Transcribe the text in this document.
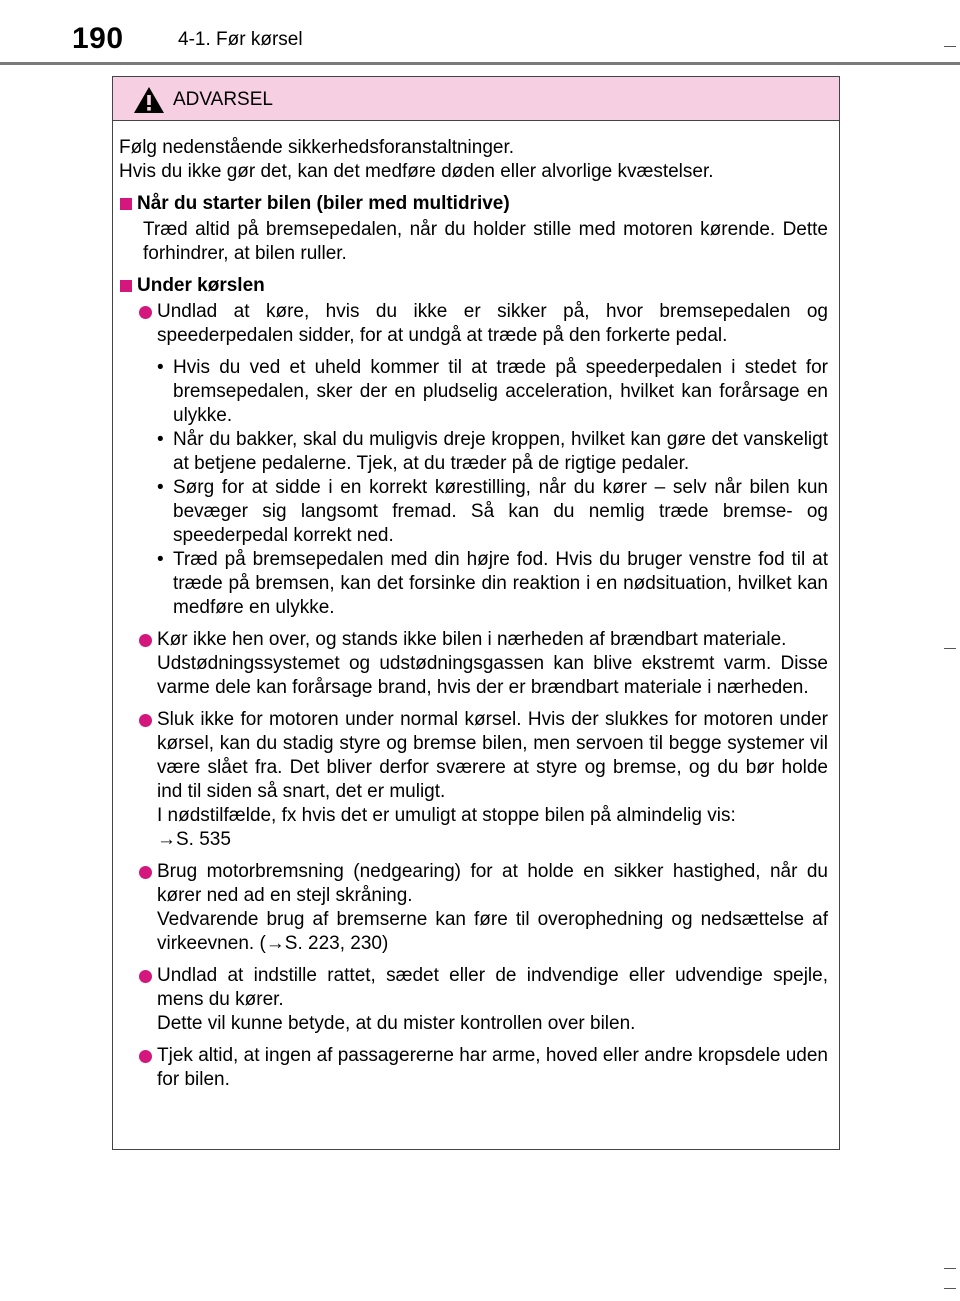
190	4-1. Før kørsel
ADVARSEL

Følg nedenstående sikkerhedsforanstaltninger.
Hvis du ikke gør det, kan det medføre døden eller alvorlige kvæstelser.

Når du starter bilen (biler med multidrive)

Træd altid på bremsepedalen, når du holder stille med motoren kørende. Dette forhindrer, at bilen ruller.

Under kørslen

Undlad at køre, hvis du ikke er sikker på, hvor bremsepedalen og speederpedalen sidder, for at undgå at træde på den forkerte pedal.

• Hvis du ved et uheld kommer til at træde på speederpedalen i stedet for bremsepedalen, sker der en pludselig acceleration, hvilket kan forårsage en ulykke.
• Når du bakker, skal du muligvis dreje kroppen, hvilket kan gøre det vanskeligt at betjene pedalerne. Tjek, at du træder på de rigtige pedaler.
• Sørg for at sidde i en korrekt kørestilling, når du kører – selv når bilen kun bevæger sig langsomt fremad. Så kan du nemlig træde bremse- og speederpedal korrekt ned.
• Træd på bremsepedalen med din højre fod. Hvis du bruger venstre fod til at træde på bremsen, kan det forsinke din reaktion i en nødsituation, hvilket kan medføre en ulykke.

Kør ikke hen over, og stands ikke bilen i nærheden af brændbart materiale.

Udstødningssystemet og udstødningsgassen kan blive ekstremt varm. Disse varme dele kan forårsage brand, hvis der er brændbart materiale i nærheden.

Sluk ikke for motoren under normal kørsel. Hvis der slukkes for motoren under kørsel, kan du stadig styre og bremse bilen, men servoen til begge systemer vil være slået fra. Det bliver derfor sværere at styre og bremse, og du bør holde ind til siden så snart, det er muligt.

I nødstilfælde, fx hvis det er umuligt at stoppe bilen på almindelig vis:

→S. 535

Brug motorbremsning (nedgearing) for at holde en sikker hastighed, når du kører ned ad en stejl skråning.

Vedvarende brug af bremserne kan føre til overophedning og nedsættelse af virkeevnen. (→S. 223, 230)

Undlad at indstille rattet, sædet eller de indvendige eller udvendige spejle, mens du kører.

Dette vil kunne betyde, at du mister kontrollen over bilen.

Tjek altid, at ingen af passagererne har arme, hoved eller andre kropsdele uden for bilen.
